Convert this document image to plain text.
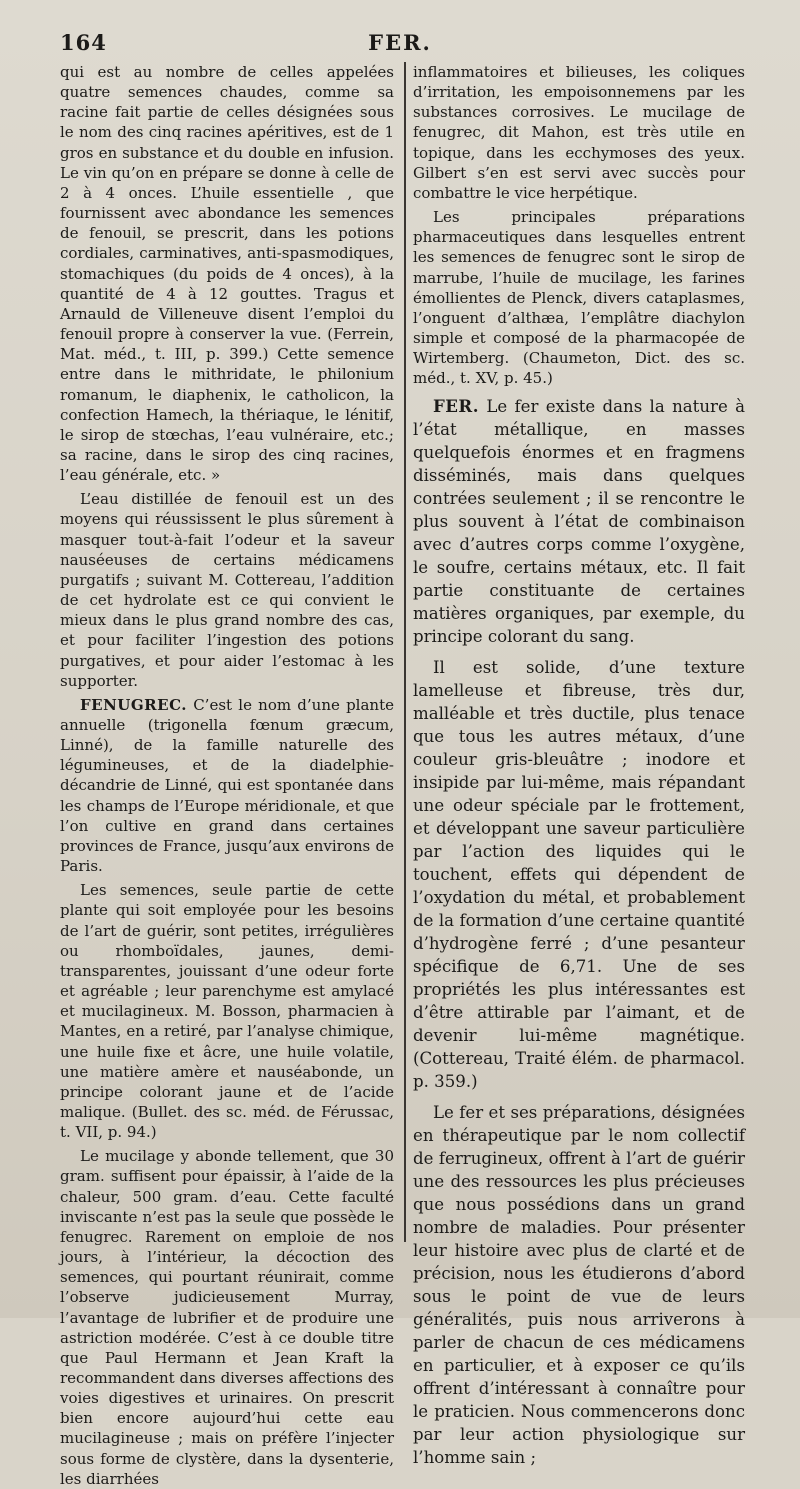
164	FER.

qui est au nombre de celles appelées quatre semences chaudes, comme sa racine fait partie de celles désignées sous le nom des cinq racines apéritives, est de 1 gros en substance et du double en infusion. Le vin qu’on en prépare se donne à celle de 2 à 4 onces. L’huile essentielle , que fournissent avec abondance les semences de fenouil, se prescrit, dans les potions cordiales, carminatives, anti-spasmodiques, stomachiques (du poids de 4 onces), à la quantité de 4 à 12 gouttes. Tragus et Arnauld de Villeneuve disent l’emploi du fenouil propre à conserver la vue. (Ferrein, Mat. méd., t. III, p. 399.) Cette semence entre dans le mithridate, le philonium romanum, le diaphenix, le catholicon, la confection Hamech, la thériaque, le lénitif, le sirop de stœchas, l’eau vulnéraire, etc.; sa racine, dans le sirop des cinq racines, l’eau générale, etc. »

L’eau distillée de fenouil est un des moyens qui réussissent le plus sûrement à masquer tout-à-fait l’odeur et la saveur nauséeuses de certains médicamens purgatifs ; suivant M. Cottereau, l’addition de cet hydrolate est ce qui convient le mieux dans le plus grand nombre des cas, et pour faciliter l’ingestion des potions purgatives, et pour aider l’estomac à les supporter.

FENUGREC. C’est le nom d’une plante annuelle (trigonella fœnum græcum, Linné), de la famille naturelle des légumineuses, et de la diadelphie-décandrie de Linné, qui est spontanée dans les champs de l’Europe méridionale, et que l’on cultive en grand dans certaines provinces de France, jusqu’aux environs de Paris.

Les semences, seule partie de cette plante qui soit employée pour les besoins de l’art de guérir, sont petites, irrégulières ou rhomboïdales, jaunes, demi-transparentes, jouissant d’une odeur forte et agréable ; leur parenchyme est amylacé et mucilagineux. M. Bosson, pharmacien à Mantes, en a retiré, par l’analyse chimique, une huile fixe et âcre, une huile volatile, une matière amère et nauséabonde, un principe colorant jaune et de l’acide malique. (Bullet. des sc. méd. de Férussac, t. VII, p. 94.)

Le mucilage y abonde tellement, que 30 gram. suffisent pour épaissir, à l’aide de la chaleur, 500 gram. d’eau. Cette faculté inviscante n’est pas la seule que possède le fenugrec. Rarement on emploie de nos jours, à l’intérieur, la décoction des semences, qui pourtant réunirait, comme l’observe judicieusement Murray, l’avantage de lubrifier et de produire une astriction modérée. C’est à ce double titre que Paul Hermann et Jean Kraft la recommandent dans diverses affections des voies digestives et urinaires. On prescrit bien encore aujourd’hui cette eau mucilagineuse ; mais on préfère l’injecter sous forme de clystère, dans la dysenterie, les diarrhées

inflammatoires et bilieuses, les coliques d’irritation, les empoisonnemens par les substances corrosives. Le mucilage de fenugrec, dit Mahon, est très utile en topique, dans les ecchymoses des yeux. Gilbert s’en est servi avec succès pour combattre le vice herpétique.

Les principales préparations pharmaceutiques dans lesquelles entrent les semences de fenugrec sont le sirop de marrube, l’huile de mucilage, les farines émollientes de Plenck, divers cataplasmes, l’onguent d’althæa, l’emplâtre diachylon simple et composé de la pharmacopée de Wirtemberg. (Chaumeton, Dict. des sc. méd., t. XV, p. 45.)

FER. Le fer existe dans la nature à l’état métallique, en masses quelquefois énormes et en fragmens disséminés, mais dans quelques contrées seulement ; il se rencontre le plus souvent à l’état de combinaison avec d’autres corps comme l’oxygène, le soufre, certains métaux, etc. Il fait partie constituante de certaines matières organiques, par exemple, du principe colorant du sang.

Il est solide, d’une texture lamelleuse et fibreuse, très dur, malléable et très ductile, plus tenace que tous les autres métaux, d’une couleur gris-bleuâtre ; inodore et insipide par lui-même, mais répandant une odeur spéciale par le frottement, et développant une saveur particulière par l’action des liquides qui le touchent, effets qui dépendent de l’oxydation du métal, et probablement de la formation d’une certaine quantité d’hydrogène ferré ; d’une pesanteur spécifique de 6,71. Une de ses propriétés les plus intéressantes est d’être attirable par l’aimant, et de devenir lui-même magnétique. (Cottereau, Traité élém. de pharmacol. p. 359.)

Le fer et ses préparations, désignées en thérapeutique par le nom collectif de ferrugineux, offrent à l’art de guérir une des ressources les plus précieuses que nous possédions dans un grand nombre de maladies. Pour présenter leur histoire avec plus de clarté et de précision, nous les étudierons d’abord sous le point de vue de leurs généralités, puis nous arriverons à parler de chacun de ces médicamens en particulier, et à exposer ce qu’ils offrent d’intéressant à connaître pour le praticien. Nous commencerons donc par leur action physiologique sur l’homme sain ;
